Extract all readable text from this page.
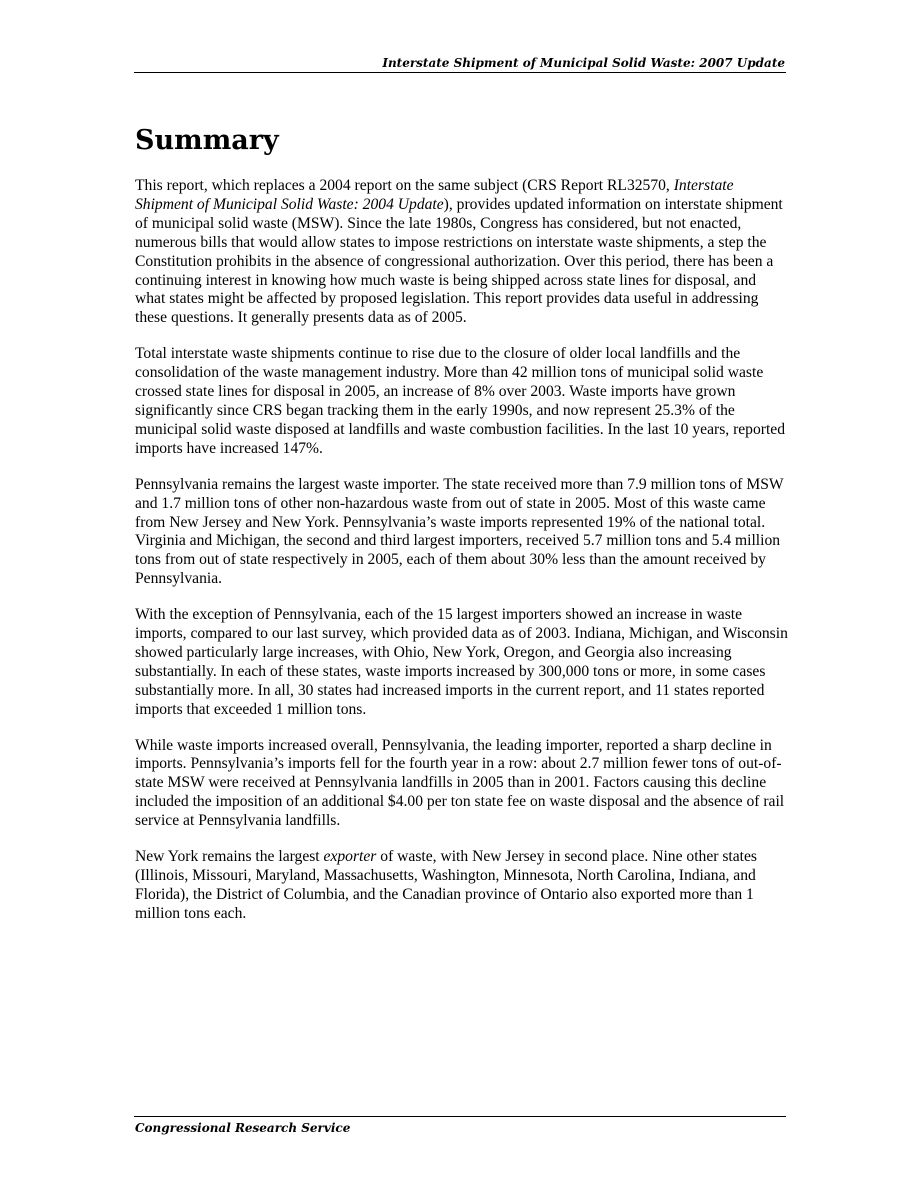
Interstate Shipment of Municipal Solid Waste: 2007 Update
Summary

This report, which replaces a 2004 report on the same subject (CRS Report RL32570, Interstate Shipment of Municipal Solid Waste: 2004 Update), provides updated information on interstate shipment of municipal solid waste (MSW). Since the late 1980s, Congress has considered, but not enacted, numerous bills that would allow states to impose restrictions on interstate waste shipments, a step the Constitution prohibits in the absence of congressional authorization. Over this period, there has been a continuing interest in knowing how much waste is being shipped across state lines for disposal, and what states might be affected by proposed legislation. This report provides data useful in addressing these questions. It generally presents data as of 2005.

Total interstate waste shipments continue to rise due to the closure of older local landfills and the consolidation of the waste management industry. More than 42 million tons of municipal solid waste crossed state lines for disposal in 2005, an increase of 8% over 2003. Waste imports have grown significantly since CRS began tracking them in the early 1990s, and now represent 25.3% of the municipal solid waste disposed at landfills and waste combustion facilities. In the last 10 years, reported imports have increased 147%.

Pennsylvania remains the largest waste importer. The state received more than 7.9 million tons of MSW and 1.7 million tons of other non-hazardous waste from out of state in 2005. Most of this waste came from New Jersey and New York. Pennsylvania’s waste imports represented 19% of the national total. Virginia and Michigan, the second and third largest importers, received 5.7 million tons and 5.4 million tons from out of state respectively in 2005, each of them about 30% less than the amount received by Pennsylvania.

With the exception of Pennsylvania, each of the 15 largest importers showed an increase in waste imports, compared to our last survey, which provided data as of 2003. Indiana, Michigan, and Wisconsin showed particularly large increases, with Ohio, New York, Oregon, and Georgia also increasing substantially. In each of these states, waste imports increased by 300,000 tons or more, in some cases substantially more. In all, 30 states had increased imports in the current report, and 11 states reported imports that exceeded 1 million tons.

While waste imports increased overall, Pennsylvania, the leading importer, reported a sharp decline in imports. Pennsylvania’s imports fell for the fourth year in a row: about 2.7 million fewer tons of out-of-state MSW were received at Pennsylvania landfills in 2005 than in 2001. Factors causing this decline included the imposition of an additional $4.00 per ton state fee on waste disposal and the absence of rail service at Pennsylvania landfills.

New York remains the largest exporter of waste, with New Jersey in second place. Nine other states (Illinois, Missouri, Maryland, Massachusetts, Washington, Minnesota, North Carolina, Indiana, and Florida), the District of Columbia, and the Canadian province of Ontario also exported more than 1 million tons each.

Congressional Research Service
